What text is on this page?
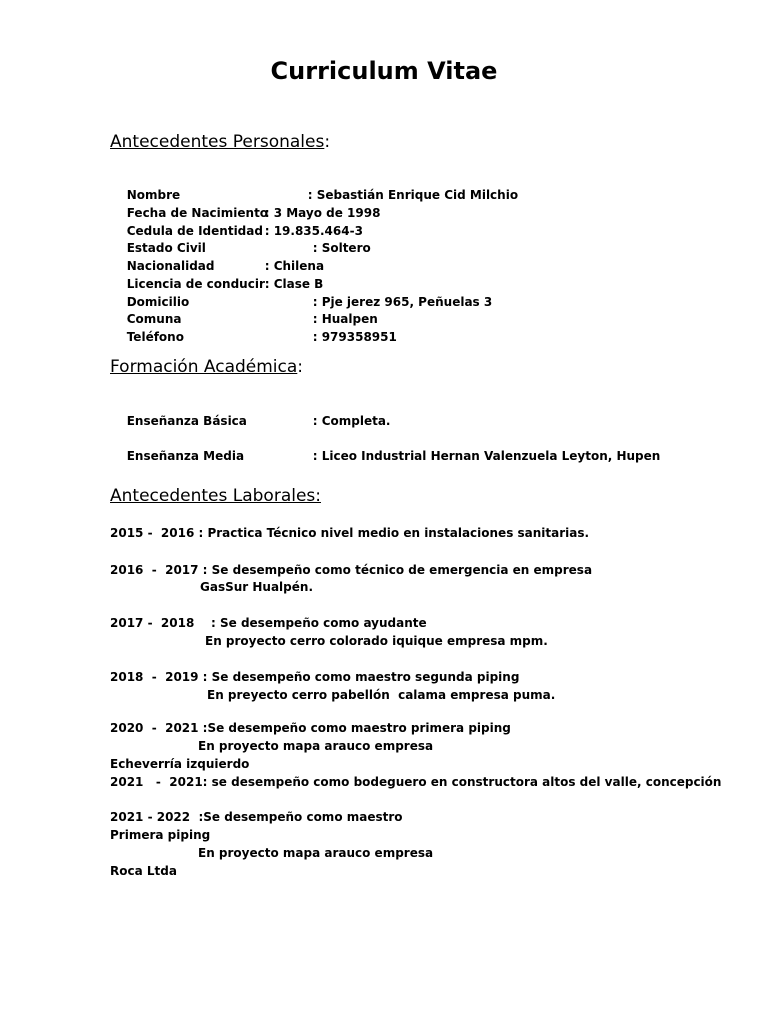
Curriculum Vitae
Antecedentes Personales:

Nombre	: Sebastián Enrique Cid Milchio

Fecha de Nacimiento: 3 Mayo de 1998

Cedula de Identidad : 19.835.464-3

Estado Civil	: Soltero

Nacionalidad	: Chilena

Licencia de conducir: Clase B

Domicilio	: Pje jerez 965, Peñuelas 3

Comuna	: Hualpen

Teléfono	: 979358951

Formación Académica:

Enseñanza Básica	: Completa.

Enseñanza Media	: Liceo Industrial Hernan Valenzuela Leyton, Hupen

Antecedentes Laborales:
2015 -  2016 : Practica Técnico nivel medio en instalaciones sanitarias.
2016  -  2017 : Se desempeño como técnico de emergencia en empresa
GasSur Hualpén.
2017 -  2018    : Se desempeño como ayudante
En proyecto cerro colorado iquique empresa mpm.
2018  -  2019 : Se desempeño como maestro segunda piping
En preyecto cerro pabellón  calama empresa puma.
2020  -  2021 :Se desempeño como maestro primera piping
En proyecto mapa arauco empresa
Echeverría izquierdo
2021   -  2021: se desempeño como bodeguero en constructora altos del valle, concepción
2021 - 2022  :Se desempeño como maestro
Primera piping
En proyecto mapa arauco empresa
Roca Ltda
